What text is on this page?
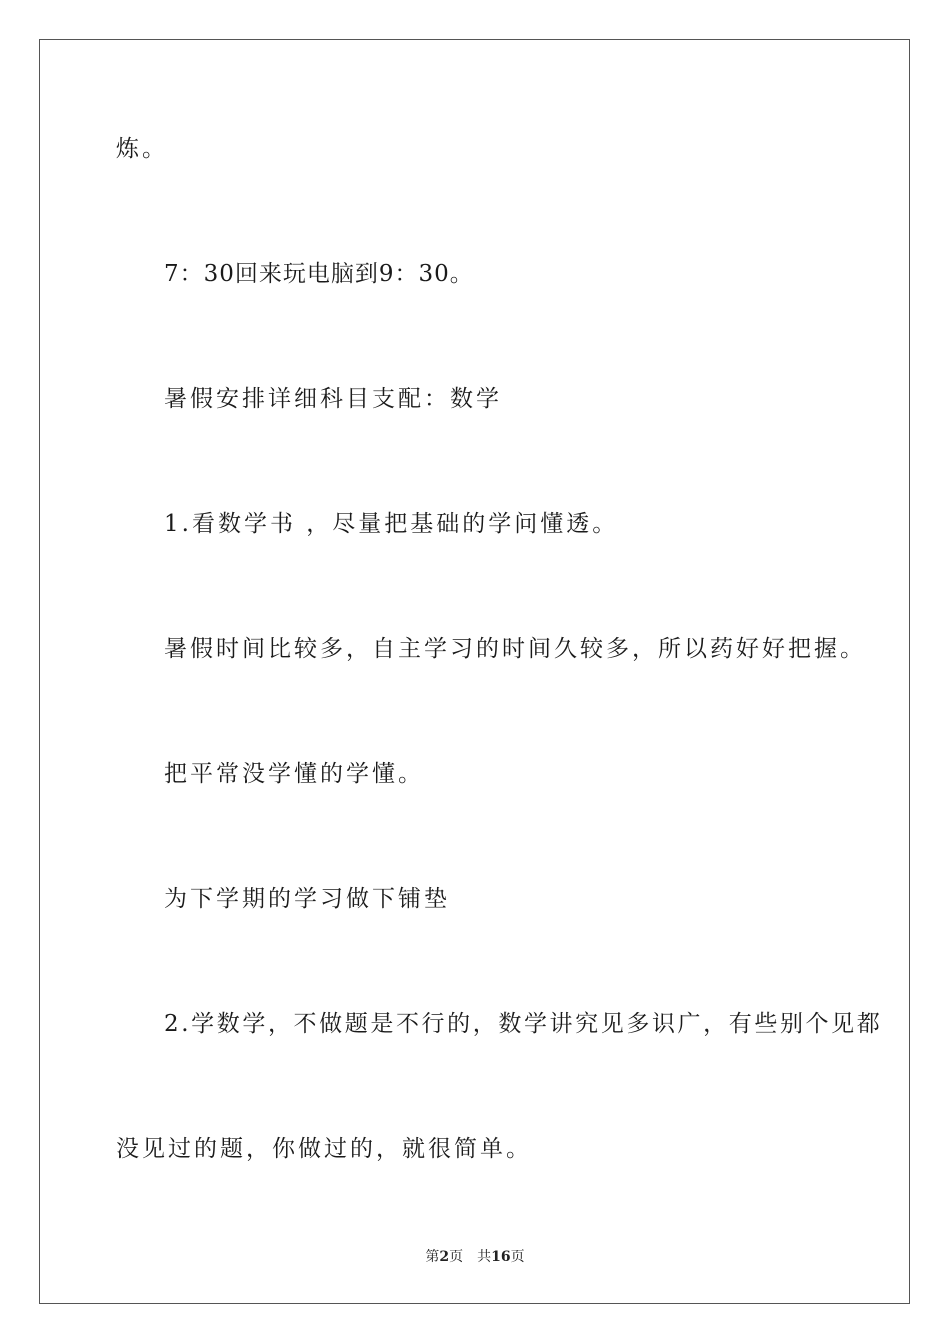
炼。
7：30回来玩电脑到9：30。
暑假安排详细科目支配：数学
1.看数学书 ，尽量把基础的学问懂透。
暑假时间比较多，自主学习的时间久较多，所以药好好把握。
把平常没学懂的学懂。
为下学期的学习做下铺垫
2.学数学，不做题是不行的，数学讲究见多识广，有些别个见都
没见过的题，你做过的，就很简单。
第2页 共16页
